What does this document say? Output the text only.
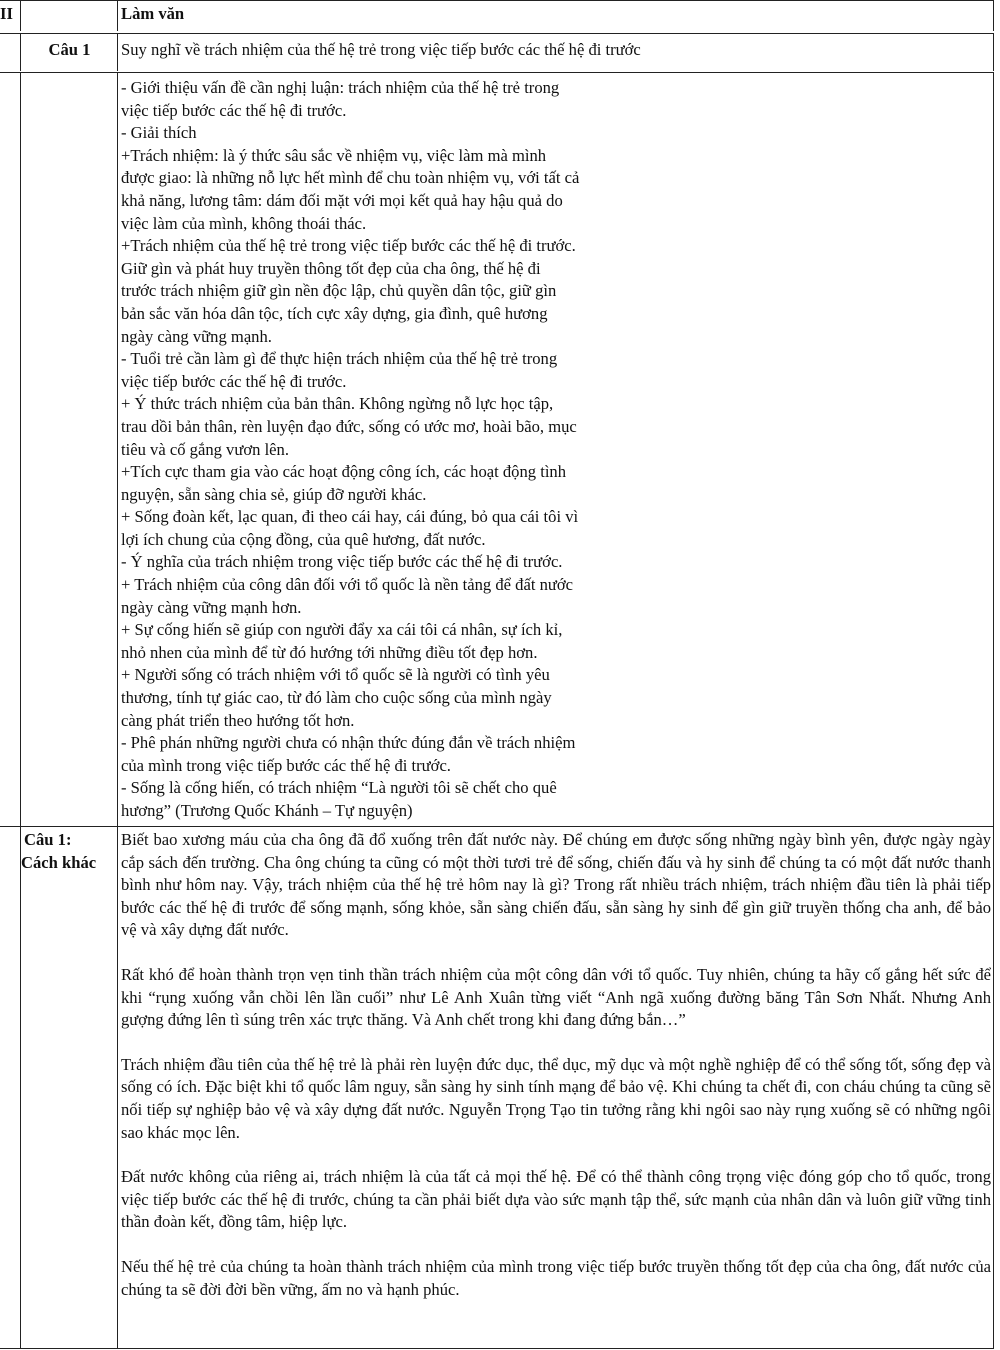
II	Làm văn
Câu 1	Suy nghĩ về trách nhiệm của thế hệ trẻ trong việc tiếp bước các thế hệ đi trước
- Giới thiệu vấn đề cần nghị luận: trách nhiệm của thế hệ trẻ trong
việc tiếp bước các thế hệ đi trước.
- Giải thích
+Trách nhiệm: là ý thức sâu sắc về nhiệm vụ, việc làm mà mình
được giao: là những nỗ lực hết mình để chu toàn nhiệm vụ, với tất cả
khả năng, lương tâm: dám đối mặt với mọi kết quả hay hậu quả do
việc làm của mình, không thoái thác.
+Trách nhiệm của thế hệ trẻ trong việc tiếp bước các thế hệ đi trước.
Giữ gìn và phát huy truyền thông tốt đẹp của cha ông, thế hệ đi
trước trách nhiệm giữ gìn nền độc lập, chủ quyền dân tộc, giữ gìn
bản sắc văn hóa dân tộc, tích cực xây dựng, gia đình, quê hương
ngày càng vững mạnh.
- Tuổi trẻ cần làm gì để thực hiện trách nhiệm của thế hệ trẻ trong
việc tiếp bước các thế hệ đi trước.
+ Ý thức trách nhiệm của bản thân. Không ngừng nỗ lực học tập,
trau dồi bản thân, rèn luyện đạo đức, sống có ước mơ, hoài bão, mục
tiêu và cố gắng vươn lên.
+Tích cực tham gia vào các hoạt động công ích, các hoạt động tình
nguyện, sẵn sàng chia sẻ, giúp đỡ người khác.
+ Sống đoàn kết, lạc quan, đi theo cái hay, cái đúng, bỏ qua cái tôi vì
lợi ích chung của cộng đồng, của quê hương, đất nước.
- Ý nghĩa của trách nhiệm trong việc tiếp bước các thế hệ đi trước.
+ Trách nhiệm của công dân đối với tổ quốc là nền tảng để đất nước
ngày càng vững mạnh hơn.
+ Sự cống hiến sẽ giúp con người đẩy xa cái tôi cá nhân, sự ích kỉ,
nhỏ nhen của mình để từ đó hướng tới những điều tốt đẹp hơn.
+ Người sống có trách nhiệm với tổ quốc sẽ là người có tình yêu
thương, tính tự giác cao, từ đó làm cho cuộc sống của mình ngày
càng phát triển theo hướng tốt hơn.
- Phê phán những người chưa có nhận thức đúng đắn về trách nhiệm
của mình trong việc tiếp bước các thế hệ đi trước.
- Sống là cống hiến, có trách nhiệm “Là người tôi sẽ chết cho quê
hương” (Trương Quốc Khánh – Tự nguyện)
Câu 1:
Cách khác

Biết bao xương máu của cha ông đã đổ xuống trên đất nước này. Để chúng em được sống những ngày bình yên, được ngày ngày cắp sách đến trường. Cha ông chúng ta cũng có một thời tươi trẻ để sống, chiến đấu và hy sinh để chúng ta có một đất nước thanh bình như hôm nay. Vậy, trách nhiệm của thế hệ trẻ hôm nay là gì? Trong rất nhiều trách nhiệm, trách nhiệm đầu tiên là phải tiếp bước các thế hệ đi trước để sống mạnh, sống khỏe, sẵn sàng chiến đấu, sẵn sàng hy sinh để gìn giữ truyền thống cha anh, để bảo vệ và xây dựng đất nước.

Rất khó để hoàn thành trọn vẹn tinh thần trách nhiệm của một công dân với tổ quốc. Tuy nhiên, chúng ta hãy cố gắng hết sức để khi “rụng xuống vẫn chồi lên lần cuối” như Lê Anh Xuân từng viết “Anh ngã xuống đường băng Tân Sơn Nhất. Nhưng Anh gượng đứng lên tì súng trên xác trực thăng. Và Anh chết trong khi đang đứng bắn…”

Trách nhiệm đầu tiên của thế hệ trẻ là phải rèn luyện đức dục, thể dục, mỹ dục và một nghề nghiệp để có thể sống tốt, sống đẹp và sống có ích. Đặc biệt khi tổ quốc lâm nguy, sẵn sàng hy sinh tính mạng để bảo vệ. Khi chúng ta chết đi, con cháu chúng ta cũng sẽ nối tiếp sự nghiệp bảo vệ và xây dựng đất nước. Nguyễn Trọng Tạo tin tưởng rằng khi ngôi sao này rụng xuống sẽ có những ngôi sao khác mọc lên.

Đất nước không của riêng ai, trách nhiệm là của tất cả mọi thế hệ. Để có thể thành công trọng việc đóng góp cho tổ quốc, trong việc tiếp bước các thế hệ đi trước, chúng ta cần phải biết dựa vào sức mạnh tập thể, sức mạnh của nhân dân và luôn giữ vững tinh thần đoàn kết, đồng tâm, hiệp lực.

Nếu thế hệ trẻ của chúng ta hoàn thành trách nhiệm của mình trong việc tiếp bước truyền thống tốt đẹp của cha ông, đất nước của chúng ta sẽ đời đời bền vững, ấm no và hạnh phúc.
